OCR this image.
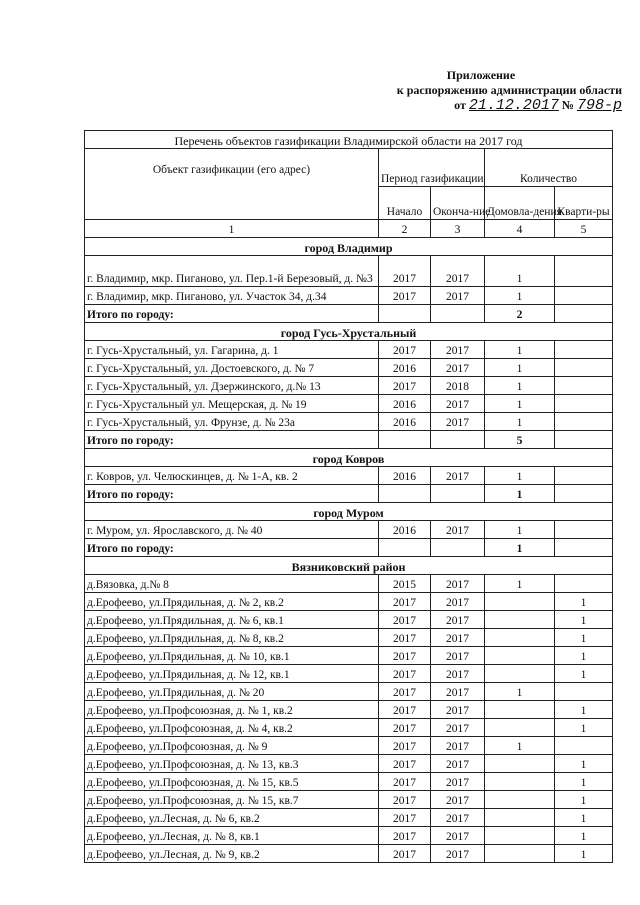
Приложение
к распоряжению администрации области
от 21.12.2017 № 798-р
Перечень объектов газификации Владимирской области на 2017 год				
Объект газификации (его адрес)	Период газификации		Количество	
	Начало	Оконча-ние	Домовла-дения	Кварти-ры
1	2	3	4	5
город Владимир				
г. Владимир, мкр. Пиганово, ул. Пер.1-й Березовый, д. №3	2017	2017	1	
г. Владимир, мкр. Пиганово, ул. Участок 34, д.34	2017	2017	1	
Итого по городу:			2	
город Гусь-Хрустальный				
г. Гусь-Хрустальный, ул. Гагарина, д. 1	2017	2017	1	
г. Гусь-Хрустальный, ул. Достоевского, д. № 7	2016	2017	1	
г. Гусь-Хрустальный, ул. Дзержинского, д.№ 13	2017	2018	1	
г. Гусь-Хрустальный ул. Мещерская, д. № 19	2016	2017	1	
г. Гусь-Хрустальный, ул. Фрунзе, д. № 23а	2016	2017	1	
Итого по городу:			5	
город Ковров				
г. Ковров, ул. Челюскинцев, д. № 1-А, кв. 2	2016	2017	1	
Итого по городу:			1	
город Муром				
г. Муром, ул. Ярославского, д. № 40	2016	2017	1	
Итого по городу:			1	
Вязниковский район				
д.Вязовка, д.№ 8	2015	2017	1	
д.Ерофеево, ул.Прядильная, д. № 2, кв.2	2017	2017		1
д.Ерофеево, ул.Прядильная, д. № 6, кв.1	2017	2017		1
д.Ерофеево, ул.Прядильная, д. № 8, кв.2	2017	2017		1
д.Ерофеево, ул.Прядильная, д. № 10, кв.1	2017	2017		1
д.Ерофеево, ул.Прядильная, д. № 12, кв.1	2017	2017		1
д.Ерофеево, ул.Прядильная, д. № 20	2017	2017	1	
д.Ерофеево, ул.Профсоюзная, д. № 1, кв.2	2017	2017		1
д.Ерофеево, ул.Профсоюзная, д. № 4, кв.2	2017	2017		1
д.Ерофеево, ул.Профсоюзная, д. № 9	2017	2017	1	
д.Ерофеево, ул.Профсоюзная, д. № 13, кв.3	2017	2017		1
д.Ерофеево, ул.Профсоюзная, д. № 15, кв.5	2017	2017		1
д.Ерофеево, ул.Профсоюзная, д. № 15, кв.7	2017	2017		1
д.Ерофеево, ул.Лесная, д. № 6, кв.2	2017	2017		1
д.Ерофеево, ул.Лесная, д. № 8, кв.1	2017	2017		1
д.Ерофеево, ул.Лесная, д. № 9, кв.2	2017	2017		1
